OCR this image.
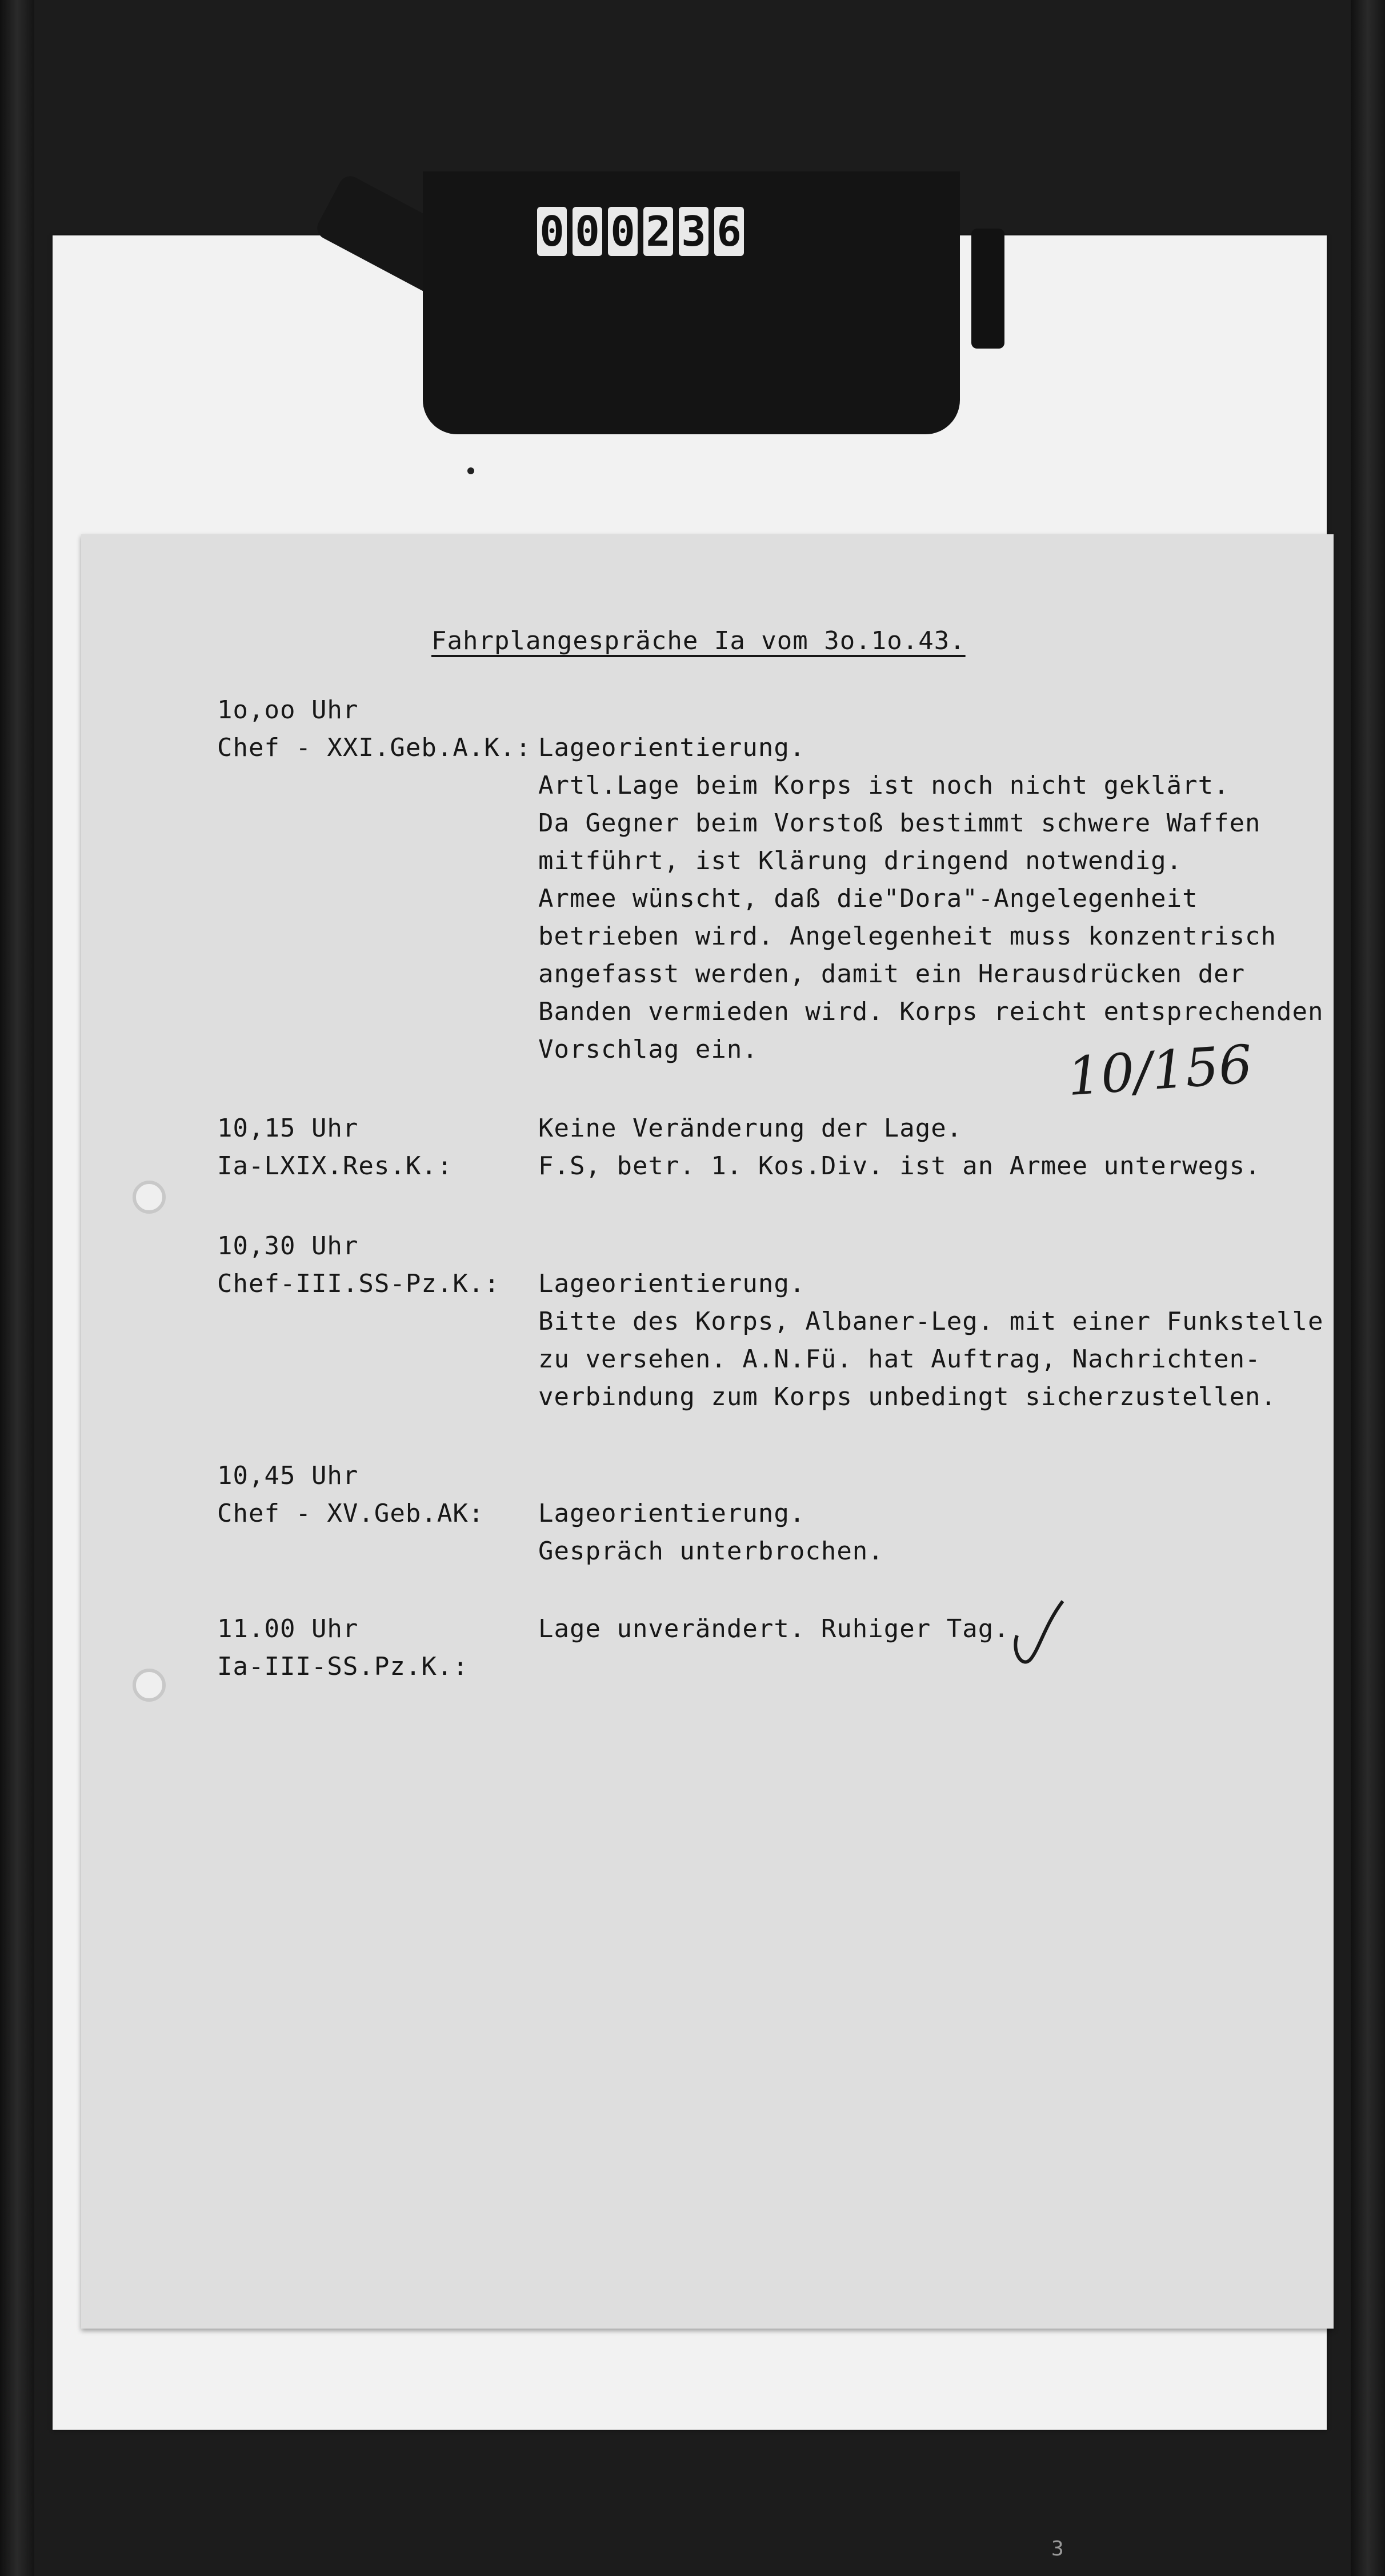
0 0 0 2 3 6
Fahrplangespräche Ia vom 3o.1o.43.
1o,oo Uhr
Chef - XXI.Geb.A.K.: Lageorientierung.
Artl.Lage beim Korps ist noch nicht geklärt.
Da Gegner beim Vorstoß bestimmt schwere Waffen
mitführt, ist Klärung dringend notwendig.
Armee wünscht, daß die"Dora"-Angelegenheit
betrieben wird. Angelegenheit muss konzentrisch
angefasst werden, damit ein Herausdrücken der
Banden vermieden wird. Korps reicht entsprechenden
Vorschlag ein.	10/156
10,15 Uhr
Ia-LXIX.Res.K.:
Keine Veränderung der Lage.
F.S, betr. 1. Kos.Div. ist an Armee unterwegs.
10,30 Uhr
Chef-III.SS-Pz.K.: Lageorientierung.
Bitte des Korps, Albaner-Leg. mit einer Funkstelle
zu versehen. A.N.Fü. hat Auftrag, Nachrichten-
verbindung zum Korps unbedingt sicherzustellen.
10,45 Uhr
Chef - XV.Geb.AK: Lageorientierung.
Gespräch unterbrochen.
11.00 Uhr
Ia-III-SS.Pz.K.:
Lage unverändert. Ruhiger Tag.
3
